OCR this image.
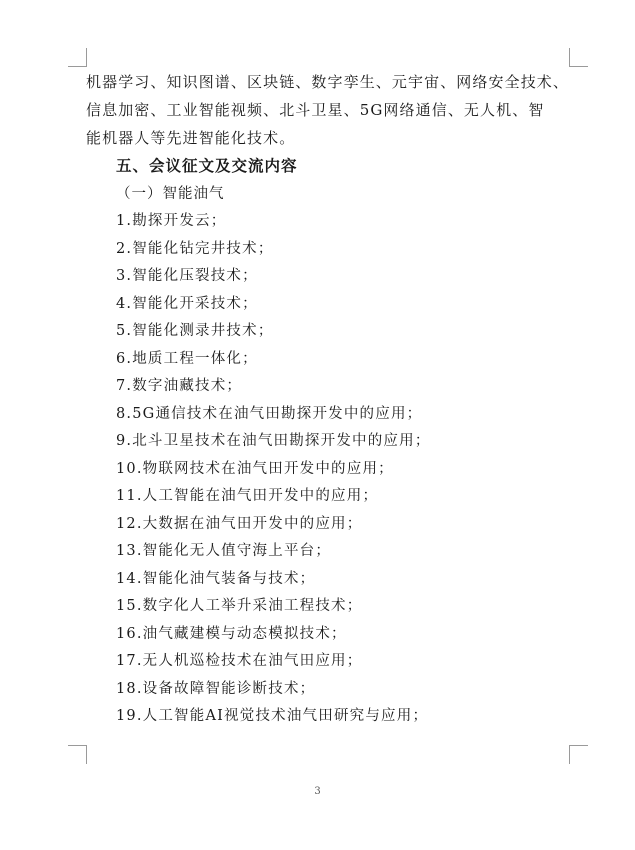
机器学习、知识图谱、区块链、数字孪生、元宇宙、网络安全技术、
信息加密、工业智能视频、北斗卫星、5G网络通信、无人机、智
能机器人等先进智能化技术。

五、会议征文及交流内容

（一）智能油气

1.勘探开发云；
2.智能化钻完井技术；
3.智能化压裂技术；
4.智能化开采技术；
5.智能化测录井技术；
6.地质工程一体化；
7.数字油藏技术；
8.5G通信技术在油气田勘探开发中的应用；
9.北斗卫星技术在油气田勘探开发中的应用；
10.物联网技术在油气田开发中的应用；
11.人工智能在油气田开发中的应用；
12.大数据在油气田开发中的应用；
13.智能化无人值守海上平台；
14.智能化油气装备与技术；
15.数字化人工举升采油工程技术；
16.油气藏建模与动态模拟技术；
17.无人机巡检技术在油气田应用；
18.设备故障智能诊断技术；
19.人工智能AI视觉技术油气田研究与应用；
3
